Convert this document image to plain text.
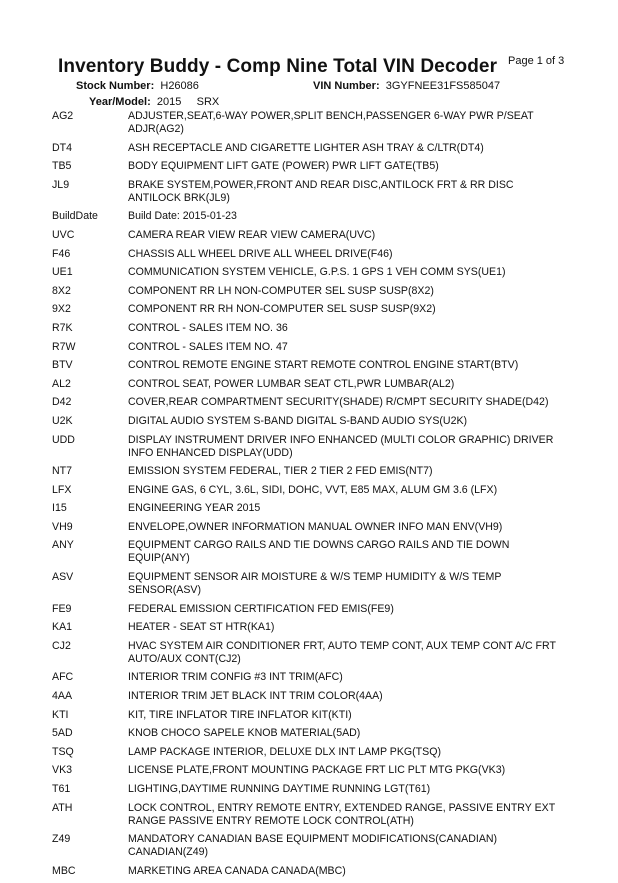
Inventory Buddy - Comp Nine Total VIN Decoder Page 1 of 3
Stock Number: H26086	VIN Number: 3GYFNEE31FS585047
Year/Model: 2015 SRX
AG2	ADJUSTER,SEAT,6-WAY POWER,SPLIT BENCH,PASSENGER 6-WAY PWR P/SEAT ADJR(AG2)
DT4	ASH RECEPTACLE AND CIGARETTE LIGHTER ASH TRAY & C/LTR(DT4)
TB5	BODY EQUIPMENT LIFT GATE (POWER) PWR LIFT GATE(TB5)
JL9	BRAKE SYSTEM,POWER,FRONT AND REAR DISC,ANTILOCK FRT & RR DISC ANTILOCK BRK(JL9)
BuildDate	Build Date: 2015-01-23
UVC	CAMERA REAR VIEW REAR VIEW CAMERA(UVC)
F46	CHASSIS ALL WHEEL DRIVE ALL WHEEL DRIVE(F46)
UE1	COMMUNICATION SYSTEM VEHICLE, G.P.S. 1 GPS 1 VEH COMM SYS(UE1)
8X2	COMPONENT RR LH NON-COMPUTER SEL SUSP SUSP(8X2)
9X2	COMPONENT RR RH NON-COMPUTER SEL SUSP SUSP(9X2)
R7K	CONTROL - SALES ITEM NO. 36
R7W	CONTROL - SALES ITEM NO. 47
BTV	CONTROL REMOTE ENGINE START REMOTE CONTROL ENGINE START(BTV)
AL2	CONTROL SEAT, POWER LUMBAR SEAT CTL,PWR LUMBAR(AL2)
D42	COVER,REAR COMPARTMENT SECURITY(SHADE) R/CMPT SECURITY SHADE(D42)
U2K	DIGITAL AUDIO SYSTEM S-BAND DIGITAL S-BAND AUDIO SYS(U2K)
UDD	DISPLAY INSTRUMENT DRIVER INFO ENHANCED (MULTI COLOR GRAPHIC) DRIVER INFO ENHANCED DISPLAY(UDD)
NT7	EMISSION SYSTEM FEDERAL, TIER 2 TIER 2 FED EMIS(NT7)
LFX	ENGINE GAS, 6 CYL, 3.6L, SIDI, DOHC, VVT, E85 MAX, ALUM GM 3.6 (LFX)
I15	ENGINEERING YEAR 2015
VH9	ENVELOPE,OWNER INFORMATION MANUAL OWNER INFO MAN ENV(VH9)
ANY	EQUIPMENT CARGO RAILS AND TIE DOWNS CARGO RAILS AND TIE DOWN EQUIP(ANY)
ASV	EQUIPMENT SENSOR AIR MOISTURE & W/S TEMP HUMIDITY & W/S TEMP SENSOR(ASV)
FE9	FEDERAL EMISSION CERTIFICATION FED EMIS(FE9)
KA1	HEATER - SEAT ST HTR(KA1)
CJ2	HVAC SYSTEM AIR CONDITIONER FRT, AUTO TEMP CONT, AUX TEMP CONT A/C FRT AUTO/AUX CONT(CJ2)
AFC	INTERIOR TRIM CONFIG #3 INT TRIM(AFC)
4AA	INTERIOR TRIM JET BLACK INT TRIM COLOR(4AA)
KTI	KIT, TIRE INFLATOR TIRE INFLATOR KIT(KTI)
5AD	KNOB CHOCO SAPELE KNOB MATERIAL(5AD)
TSQ	LAMP PACKAGE INTERIOR, DELUXE DLX INT LAMP PKG(TSQ)
VK3	LICENSE PLATE,FRONT MOUNTING PACKAGE FRT LIC PLT MTG PKG(VK3)
T61	LIGHTING,DAYTIME RUNNING DAYTIME RUNNING LGT(T61)
ATH	LOCK CONTROL, ENTRY REMOTE ENTRY, EXTENDED RANGE, PASSIVE ENTRY EXT RANGE PASSIVE ENTRY REMOTE LOCK CONTROL(ATH)
Z49	MANDATORY CANADIAN BASE EQUIPMENT MODIFICATIONS(CANADIAN) CANADIAN(Z49)
MBC	MARKETING AREA CANADA CANADA(MBC)
